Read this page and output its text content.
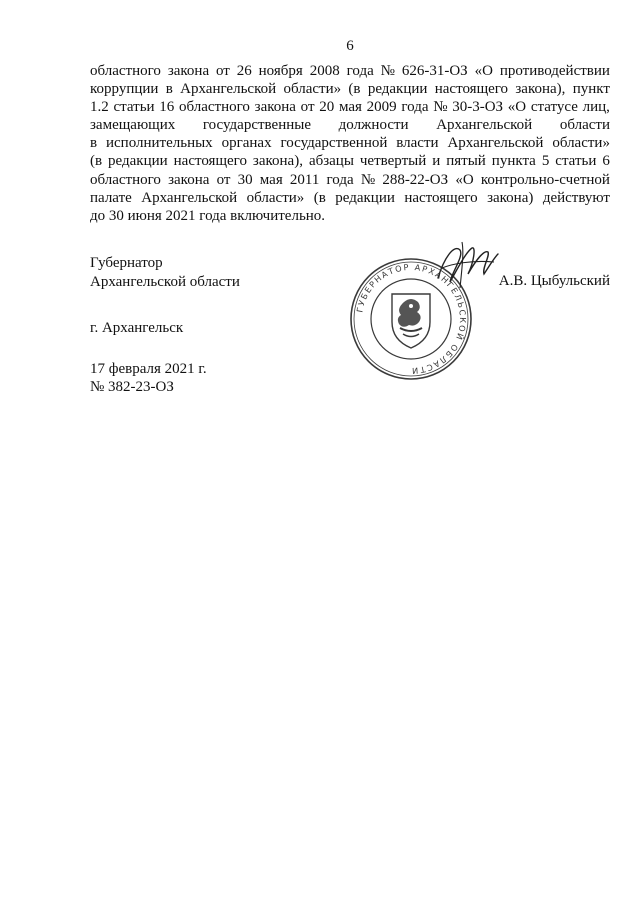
6
областного закона от 26 ноября 2008 года № 626-31-ОЗ «О противодействии
коррупции в Архангельской области» (в редакции настоящего закона), пункт
1.2 статьи 16 областного закона от 20 мая 2009 года № 30-3-ОЗ «О статусе лиц,
замещающих государственные должности Архангельской области
в исполнительных органах государственной власти Архангельской области»
(в редакции настоящего закона), абзацы четвертый и пятый пункта 5 статьи 6
областного закона от 30 мая 2011 года № 288-22-ОЗ «О контрольно-счетной
палате Архангельской области» (в редакции настоящего закона) действуют
до 30 июня 2021 года включительно.
Губернатор
Архангельской области
ГУБЕРНАТОР АРХАНГЕЛЬСКОЙ ОБЛАСТИ
А.В. Цыбульский
г. Архангельск
17 февраля 2021 г.
№ 382-23-ОЗ
